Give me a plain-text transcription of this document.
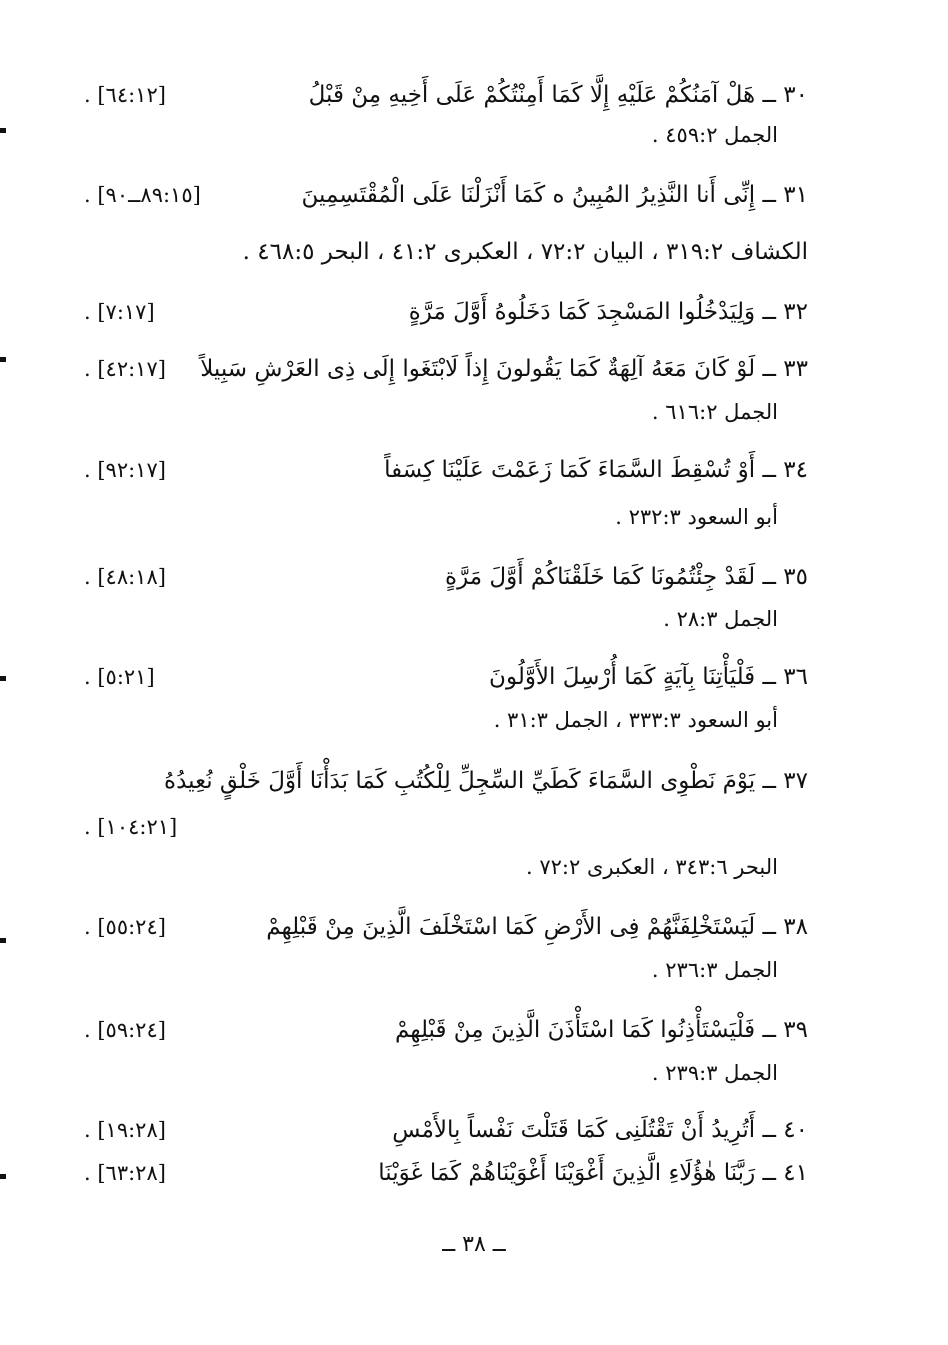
٣٠ ــ هَلْ آمَنُكُمْ عَلَيْهِ إِلَّا كَمَا أَمِنْتُكُمْ عَلَى أَخِيهِ مِنْ قَبْلُ
. [٦٤:١٢]
الجمل ٤٥٩:٢ .
٣١ ــ إِنِّى أَنا النَّذِيرُ المُبِينُ ه كَمَا أَنْزَلْنَا عَلَى الْمُقْتَسِمِينَ
. [٨٩:١٥ــ٩٠]
الكشاف ٣١٩:٢ ، البيان ٧٢:٢ ، العكبرى ٤١:٢ ، البحر ٤٦٨:٥ .
٣٢ ــ وَلِيَدْخُلُوا المَسْجِدَ كَمَا دَخَلُوهُ أَوَّلَ مَرَّةٍ
. [٧:١٧]
٣٣ ــ لَوْ كَانَ مَعَهُ آلِهَةٌ كَمَا يَقُولونَ إِذاً لَابْتَغَوا إِلَى ذِى العَرْشِ سَبِيلاً
. [٤٢:١٧]
الجمل ٦١٦:٢ .
٣٤ ــ أَوْ تُسْقِطَ السَّمَاءَ كَمَا زَعَمْتَ عَلَيْنَا كِسَفاً
. [٩٢:١٧]
أبو السعود ٢٣٢:٣ .
٣٥ ــ لَقَدْ جِئْتُمُونَا كَمَا خَلَقْنَاكُمْ أَوَّلَ مَرَّةٍ
. [٤٨:١٨]
الجمل ٢٨:٣ .
٣٦ ــ فَلْيَأْتِنَا بِآيَةٍ كَمَا أُرْسِلَ الأَوَّلُونَ
. [٥:٢١]
أبو السعود ٣٣٣:٣ ، الجمل ٣١:٣ .
٣٧ ــ يَوْمَ نَطْوِى السَّمَاءَ كَطَيِّ السِّجِلِّ لِلْكُتُبِ كَمَا بَدَأْنَا أَوَّلَ خَلْقٍ نُعِيدُهُ
. [١٠٤:٢١]
البحر ٣٤٣:٦ ، العكبرى ٧٢:٢ .
٣٨ ــ لَيَسْتَخْلِفَنَّهُمْ فِى الأَرْضِ كَمَا اسْتَخْلَفَ الَّذِينَ مِنْ قَبْلِهِمْ
. [٥٥:٢٤]
الجمل ٢٣٦:٣ .
٣٩ ــ فَلْيَسْتَأْذِنُوا كَمَا اسْتَأْذَنَ الَّذِينَ مِنْ قَبْلِهِمْ
. [٥٩:٢٤]
الجمل ٢٣٩:٣ .
٤٠ ــ أَتُرِيدُ أَنْ تَقْتُلَنِى كَمَا قَتَلْتَ نَفْساً بِالأَمْسِ
. [١٩:٢٨]
٤١ ــ رَبَّنَا هٰؤُلَاءِ الَّذِينَ أَغْوَيْنَا أَغْوَيْنَاهُمْ كَمَا غَوَيْنَا
. [٦٣:٢٨]
ــ ٣٨ ــ
